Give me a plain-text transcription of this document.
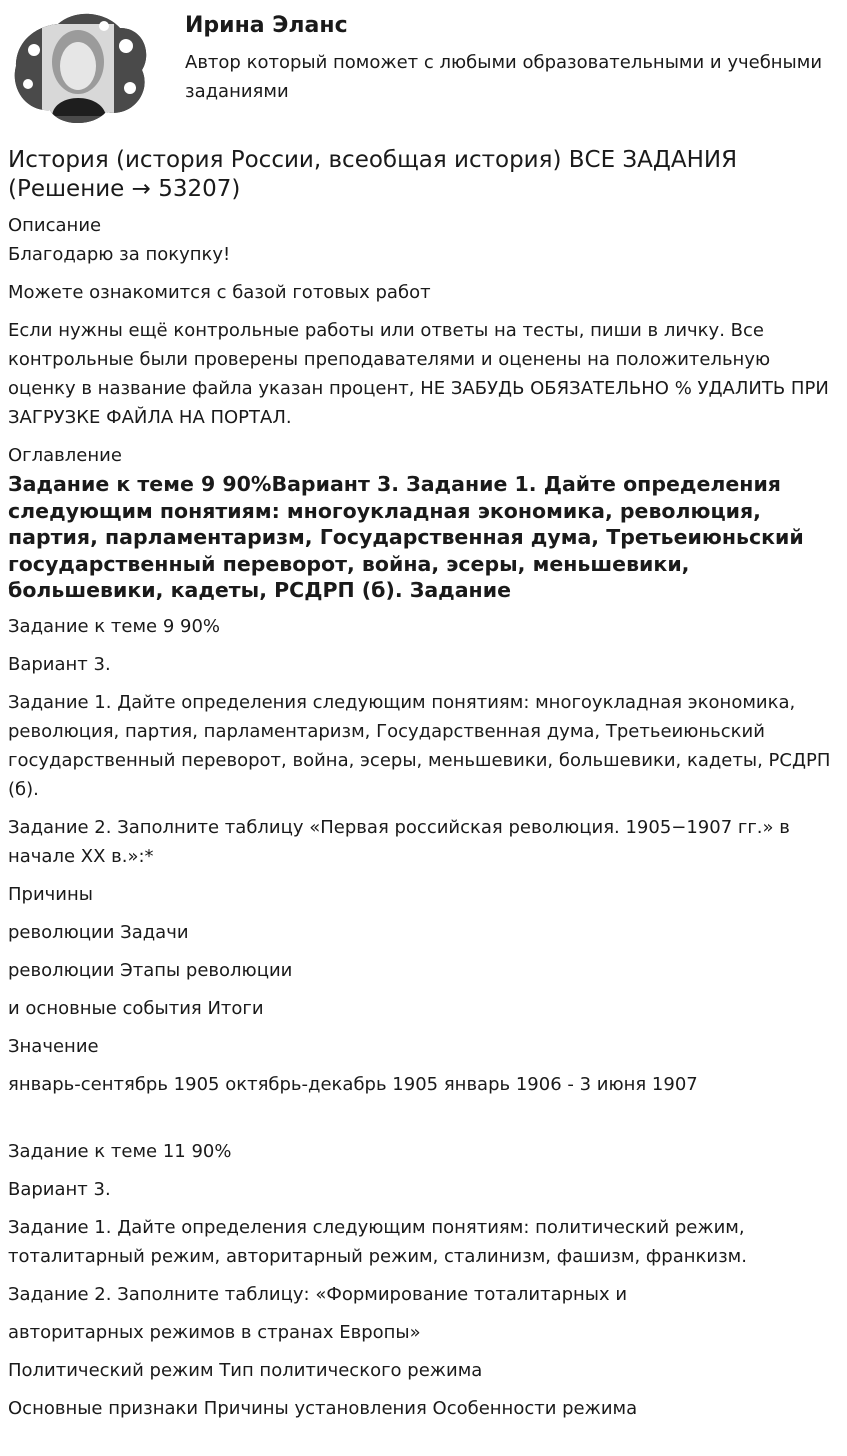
Ирина Эланс
Автор который поможет с любыми образовательными и учебными заданиями
История (история России, всеобщая история) ВСЕ ЗАДАНИЯ (Решение → 53207)
Описание

Благодарю за покупку!

Можете ознакомится с базой готовых работ

Если нужны ещё контрольные работы или ответы на тесты, пиши в личку. Все контрольные были проверены преподавателями и оценены на положительную оценку в название файла указан процент, НЕ ЗАБУДЬ ОБЯЗАТЕЛЬНО % УДАЛИТЬ ПРИ ЗАГРУЗКЕ ФАЙЛА НА ПОРТАЛ.

Оглавление
Задание к теме 9 90%Вариант 3. Задание 1. Дайте определения следующим понятиям: многоукладная экономика, революция, партия, парламентаризм, Государственная дума, Третьеиюньский государственный переворот, война, эсеры, меньшевики, большевики, кадеты, РСДРП (б). Задание

Задание к теме 9 90%

Вариант 3.

Задание 1. Дайте определения следующим понятиям: многоукладная экономика, революция, партия, парламентаризм, Государственная дума, Третьеиюньский государственный переворот, война, эсеры, меньшевики, большевики, кадеты, РСДРП (б).

Задание 2. Заполните таблицу «Первая российская революция. 1905−1907 гг.» в начале XX в.»:*

Причины

революции Задачи

революции Этапы революции

и основные события Итоги

Значение

январь-сентябрь 1905 октябрь-декабрь 1905 январь 1906 - 3 июня 1907

Задание к теме 11 90%

Вариант 3.

Задание 1. Дайте определения следующим понятиям: политический режим, тоталитарный режим, авторитарный режим, сталинизм, фашизм, франкизм.

Задание 2. Заполните таблицу: «Формирование тоталитарных и

авторитарных режимов в странах Европы»

Политический режим Тип политического режима

Основные признаки Причины установления Особенности режима
